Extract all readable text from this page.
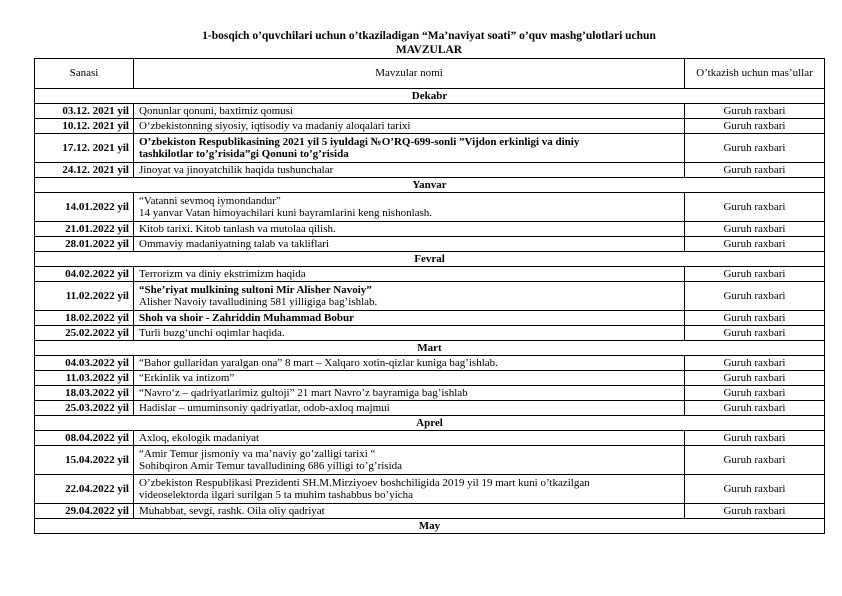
1-bosqich o’quvchilari uchun o’tkaziladigan “Ma’naviyat soati” o’quv mashg’ulotlari uchun
MAVZULAR
Sanasi	Mavzular nomi	O’tkazish uchun mas’ullar
Dekabr		
03.12. 2021 yil	Qonunlar qonuni, baxtimiz qomusi	Guruh raxbari
10.12. 2021 yil	O‘zbekistonning siyosiy, iqtisodiy va madaniy aloqalari tarixi	Guruh raxbari
17.12. 2021 yil	O’zbekiston Respublikasining 2021 yil 5 iyuldagi №O’RQ-699-sonli ”Vijdon erkinligi va diniy
tashkilotlar to’g’risida”gi Qonuni to’g’risida	Guruh raxbari
24.12. 2021 yil	Jinoyat va jinoyatchilik haqida tushunchalar	Guruh raxbari
Yanvar		
14.01.2022 yil	“Vatanni sevmoq iymondandur”
14 yanvar Vatan himoyachilari kuni bayramlarini keng nishonlash.	Guruh raxbari
21.01.2022 yil	Kitob tarixi. Kitob tanlash va mutolaa qilish.	Guruh raxbari
28.01.2022 yil	Ommaviy madaniyatning talab va takliflari	Guruh raxbari
Fevral		
04.02.2022 yil	Terrorizm va diniy ekstrimizm haqida	Guruh raxbari
11.02.2022 yil	“She’riyat mulkining sultoni Mir Alisher Navoiy”
Alisher Navoiy tavalludining 581 yilligiga bag’ishlab.	Guruh raxbari
18.02.2022 yil	Shoh va shoir - Zahriddin Muhammad Bobur	Guruh raxbari
25.02.2022 yil	Turli buzg‘unchi oqimlar haqida.	Guruh raxbari
Mart		
04.03.2022 yil	“Bahor gullaridan yaralgan ona” 8 mart – Xalqaro xotin-qizlar kuniga bag’ishlab.	Guruh raxbari
11.03.2022 yil	“Erkinlik va intizom”	Guruh raxbari
18.03.2022 yil	“Navro‘z – qadriyatlarimiz gultoji” 21 mart Navro’z bayramiga bag’ishlab	Guruh raxbari
25.03.2022 yil	Hadislar – umuminsoniy qadriyatlar, odob-axloq majmui	Guruh raxbari
Aprel		
08.04.2022 yil	Axloq, ekologik madaniyat	Guruh raxbari
15.04.2022 yil	“Amir Temur jismoniy va ma’naviy go’zalligi tarixi “
Sohibqiron Amir Temur tavalludining 686 yilligi to’g’risida	Guruh raxbari
22.04.2022 yil	O’zbekiston Respublikasi Prezidenti SH.M.Mirziyoev boshchiligida 2019 yil 19 mart kuni o’tkazilgan
videoselektorda ilgari surilgan 5 ta muhim tashabbus bo’yicha	Guruh raxbari
29.04.2022 yil	Muhabbat, sevgi, rashk. Oila oliy qadriyat	Guruh raxbari
May		
